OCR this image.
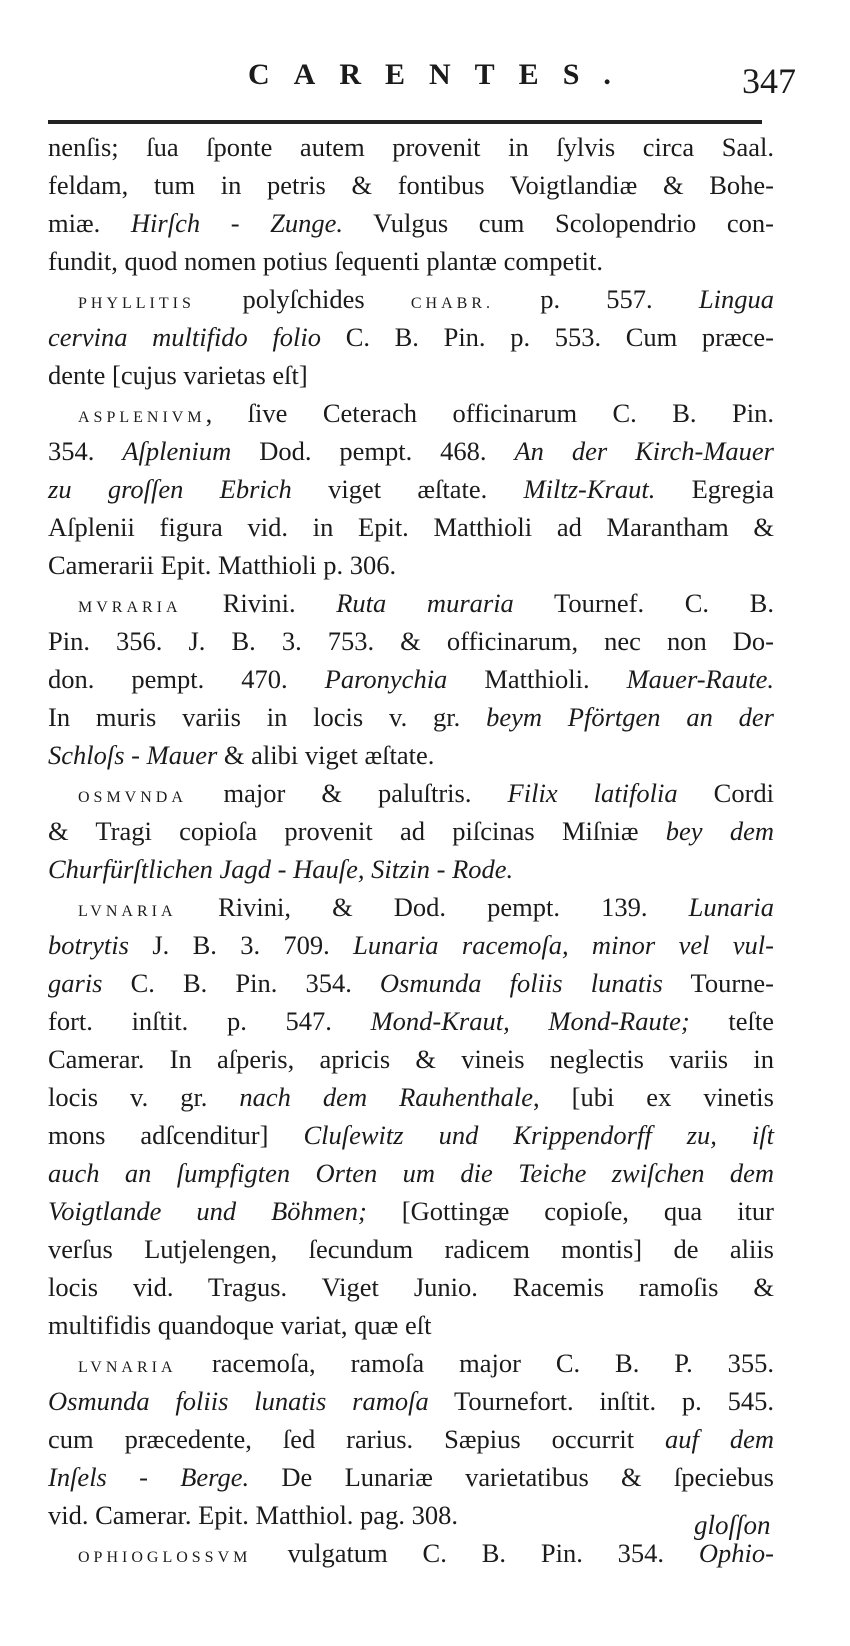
CARENTES.	347
nenſis; ſua ſponte autem provenit in ſylvis circa Saal.
feldam, tum in petris & fontibus Voigtlandiæ & Bohe-
miæ. Hirſch - Zunge. Vulgus cum Scolopendrio con-
fundit, quod nomen potius ſequenti plantæ competit.
PHYLLITIS polyſchides CHABR. p. 557. Lingua
cervina multifido folio C. B. Pin. p. 553. Cum præce-
dente [cujus varietas eſt]
ASPLENIVM, ſive Ceterach officinarum C. B. Pin.
354. Aſplenium Dod. pempt. 468. An der Kirch-Mauer
zu groſſen Ebrich viget æſtate. Miltz-Kraut. Egregia
Aſplenii figura vid. in Epit. Matthioli ad Marantham &
Camerarii Epit. Matthioli p. 306.
MVRARIA Rivini. Ruta muraria Tournef. C. B.
Pin. 356. J. B. 3. 753. & officinarum, nec non Do-
don. pempt. 470. Paronychia Matthioli. Mauer-Raute.
In muris variis in locis v. gr. beym Pförtgen an der
Schloſs - Mauer & alibi viget æſtate.
OSMVNDA major & paluſtris. Filix latifolia Cordi
& Tragi copioſa provenit ad piſcinas Miſniæ bey dem
Churfürſtlichen Jagd - Hauſe, Sitzin - Rode.
LVNARIA Rivini, & Dod. pempt. 139. Lunaria
botrytis J. B. 3. 709. Lunaria racemoſa, minor vel vul-
garis C. B. Pin. 354. Osmunda foliis lunatis Tourne-
fort. inſtit. p. 547. Mond-Kraut, Mond-Raute; teſte
Camerar. In aſperis, apricis & vineis neglectis variis in
locis v. gr. nach dem Rauhenthale, [ubi ex vinetis
mons adſcenditur] Cluſewitz und Krippendorff zu, iſt
auch an ſumpfigten Orten um die Teiche zwiſchen dem
Voigtlande und Böhmen; [Gottingæ copioſe, qua itur
verſus Lutjelengen, ſecundum radicem montis] de aliis
locis vid. Tragus. Viget Junio. Racemis ramoſis &
multifidis quandoque variat, quæ eſt
LVNARIA racemoſa, ramoſa major C. B. P. 355.
Osmunda foliis lunatis ramoſa Tournefort. inſtit. p. 545.
cum præcedente, ſed rarius. Sæpius occurrit auf dem
Inſels - Berge. De Lunariæ varietatibus & ſpeciebus
vid. Camerar. Epit. Matthiol. pag. 308.
OPHIOGLOSSVM vulgatum C. B. Pin. 354. Ophio-
gloſſon
